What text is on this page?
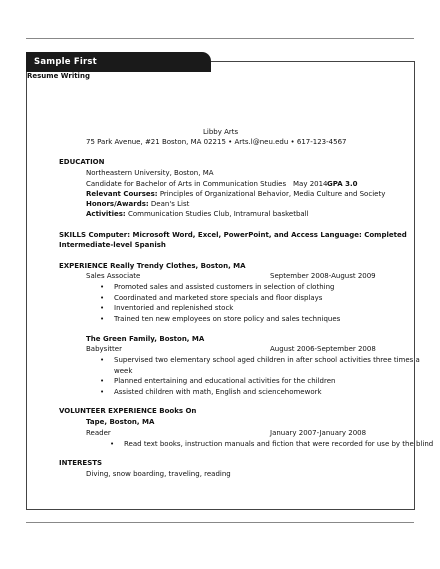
Sample First
Resume Writing
Libby Arts
75 Park Avenue, #21 Boston, MA 02215 • Arts.l@neu.edu • 617-123-4567
EDUCATION
Northeastern University, Boston, MA
Candidate for Bachelor of Arts in Communication Studies May 2014 GPA 3.0
Relevant Courses: Principles of Organizational Behavior, Media Culture and Society
Honors/Awards: Dean's List
Activities: Communication Studies Club, Intramural basketball
SKILLS Computer: Microsoft Word, Excel, PowerPoint, and Access Language: Completed
Intermediate-level Spanish
EXPERIENCE Really Trendy Clothes, Boston, MA
Sales Associate	September 2008-August 2009
• Promoted sales and assisted customers in selection of clothing
• Coordinated and marketed store specials and floor displays
• Inventoried and replenished stock
• Trained ten new employees on store policy and sales techniques
The Green Family, Boston, MA
Babysitter	August 2006-September 2008
• Supervised two elementary school aged children in after school activities three times a
week
• Planned entertaining and educational activities for the children
• Assisted children with math, English and sciencehomework
VOLUNTEER EXPERIENCE Books On
Tape, Boston, MA
Reader	January 2007-January 2008
• Read text books, instruction manuals and fiction that were recorded for use by the blind
INTERESTS
Diving, snow boarding, traveling, reading
